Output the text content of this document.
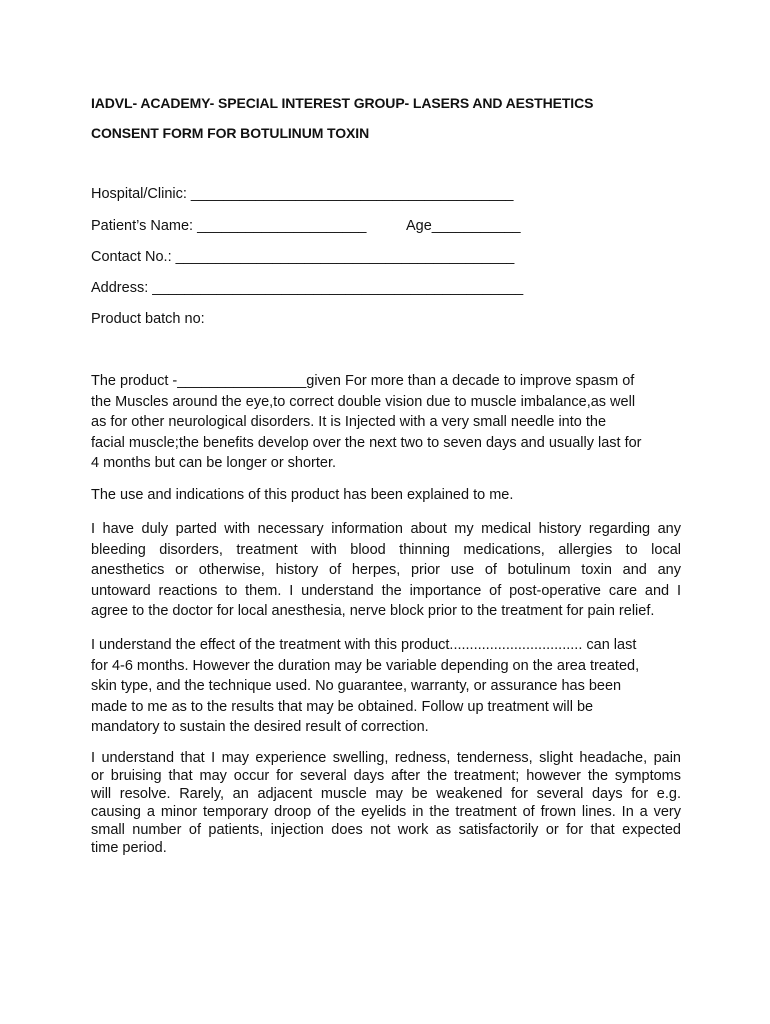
IADVL- ACADEMY- SPECIAL INTEREST GROUP- LASERS AND AESTHETICS
CONSENT FORM FOR BOTULINUM TOXIN
Hospital/Clinic: ________________________________________
Patient’s Name: _____________________	Age___________
Contact No.: __________________________________________
Address: ______________________________________________
Product batch no:
The product -________________given For more than a decade to improve spasm of
the Muscles around the eye,to correct double vision due to muscle imbalance,as well
as for other neurological disorders. It is Injected with a very small needle into the
facial muscle;the benefits develop over the next two to seven days and usually last for
4 months but can be longer or shorter.
The use and indications of this product has been explained to me.
I have duly parted with necessary information about my medical history regarding any
bleeding disorders, treatment with blood thinning medications, allergies to local
anesthetics or otherwise, history of herpes, prior use of botulinum toxin and any
untoward reactions to them. I understand the importance of post-operative care and I
agree to the doctor for local anesthesia, nerve block prior to the treatment for pain relief.
I understand the effect of the treatment with this product................................. can last
for 4-6 months. However the duration may be variable depending on the area treated,
skin type, and the technique used. No guarantee, warranty, or assurance has been
made to me as to the results that may be obtained. Follow up treatment will be
mandatory to sustain the desired result of correction.
I understand that I may experience swelling, redness, tenderness, slight headache, pain
or bruising that may occur for several days after the treatment; however the symptoms
will resolve. Rarely, an adjacent muscle may be weakened for several days for e.g.
causing a minor temporary droop of the eyelids in the treatment of frown lines. In a very
small number of patients, injection does not work as satisfactorily or for that expected
time period.
